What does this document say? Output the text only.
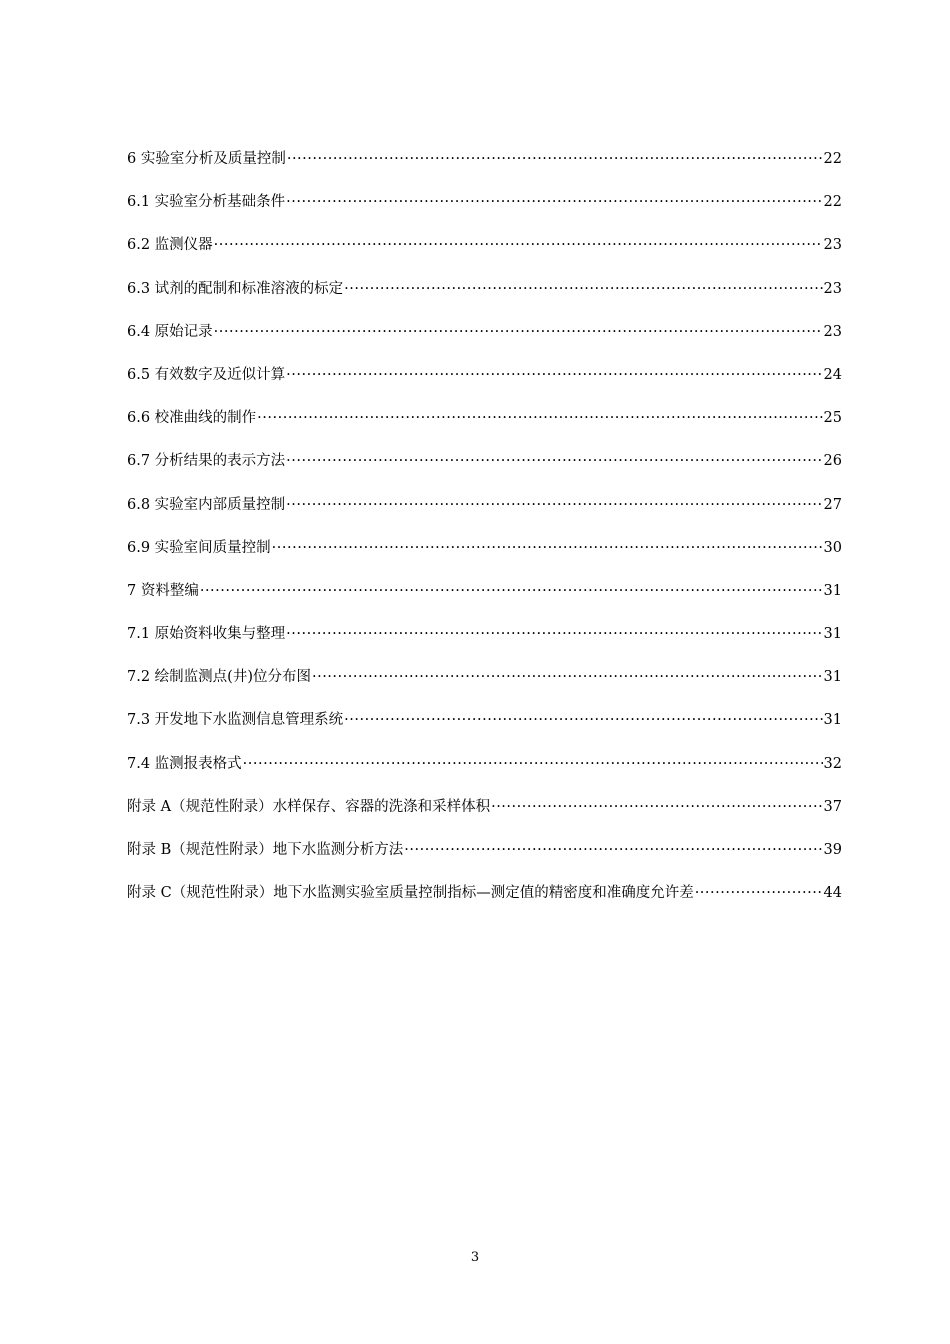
6 实验室分析及质量控制 ·····	22
6.1 实验室分析基础条件 ·····	22
6.2 监测仪器 ·····	23
6.3 试剂的配制和标准溶液的标定 ·····	23
6.4 原始记录 ·····	23
6.5 有效数字及近似计算 ·····	24
6.6 校准曲线的制作 ·····	25
6.7 分析结果的表示方法 ·····	26
6.8 实验室内部质量控制 ·····	27
6.9 实验室间质量控制 ·····	30
7 资料整编 ·····	31
7.1 原始资料收集与整理 ·····	31
7.2 绘制监测点(井)位分布图 ·····	31
7.3 开发地下水监测信息管理系统 ·····	31
7.4 监测报表格式 ·····	32
附录 A（规范性附录）水样保存、容器的洗涤和采样体积 ·····	37
附录 B（规范性附录）地下水监测分析方法 ·····	39
附录 C（规范性附录）地下水监测实验室质量控制指标—测定值的精密度和准确度允许差 ·····	44
3
